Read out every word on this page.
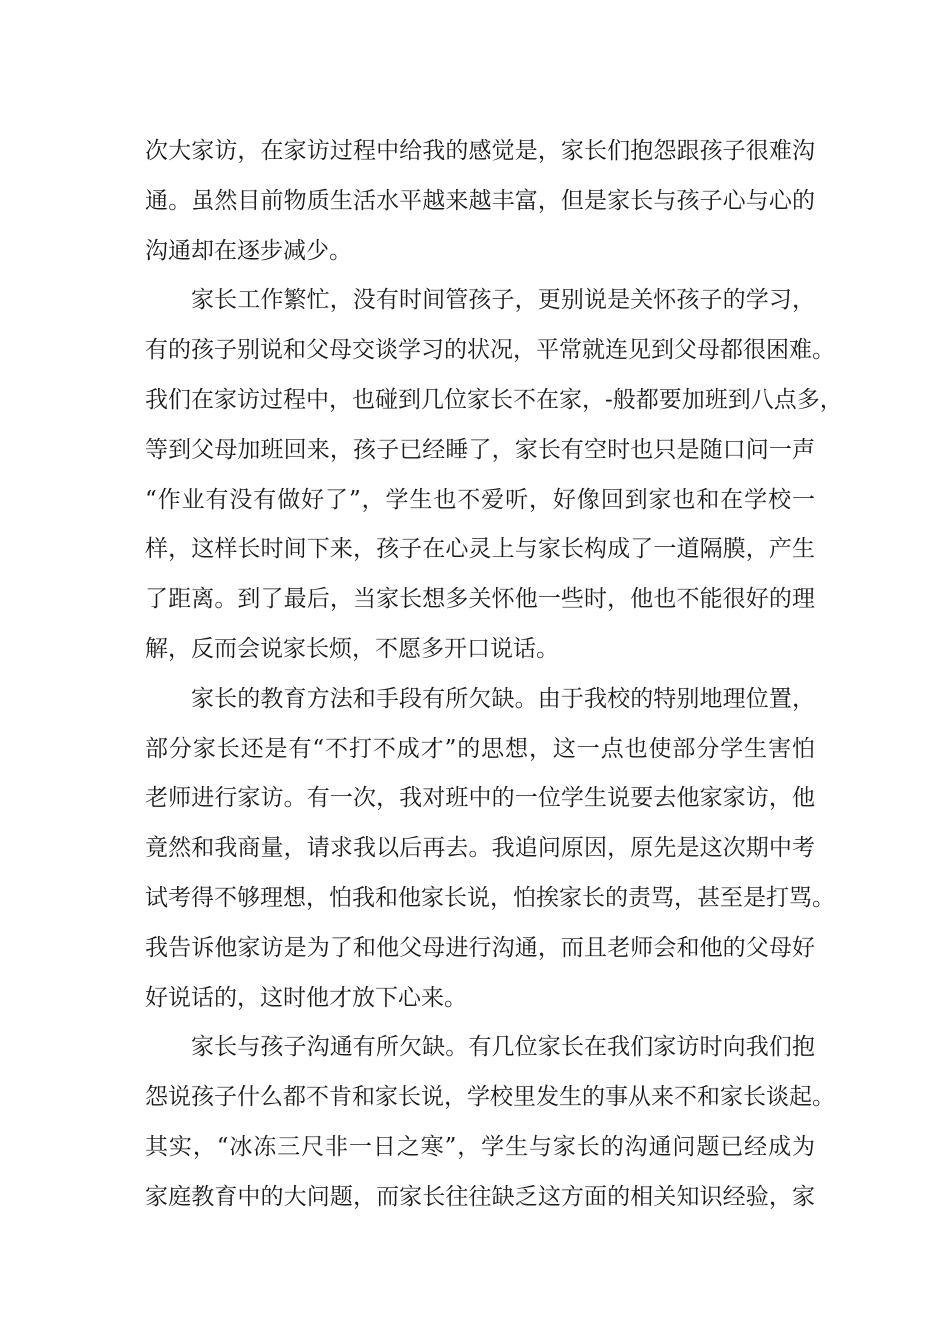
次大家访，在家访过程中给我的感觉是，家长们抱怨跟孩子很难沟
通。虽然目前物质生活水平越来越丰富，但是家长与孩子心与心的
沟通却在逐步减少。
家长工作繁忙，没有时间管孩子，更别说是关怀孩子的学习，
有的孩子别说和父母交谈学习的状况，平常就连见到父母都很困难。
我们在家访过程中，也碰到几位家长不在家，-般都要加班到八点多，
等到父母加班回来，孩子已经睡了，家长有空时也只是随口问一声
“作业有没有做好了”，学生也不爱听，好像回到家也和在学校一
样，这样长时间下来，孩子在心灵上与家长构成了一道隔膜，产生
了距离。到了最后，当家长想多关怀他一些时，他也不能很好的理
解，反而会说家长烦，不愿多开口说话。
家长的教育方法和手段有所欠缺。由于我校的特别地理位置，
部分家长还是有“不打不成才”的思想，这一点也使部分学生害怕
老师进行家访。有一次，我对班中的一位学生说要去他家家访，他
竟然和我商量，请求我以后再去。我追问原因，原先是这次期中考
试考得不够理想，怕我和他家长说，怕挨家长的责骂，甚至是打骂。
我告诉他家访是为了和他父母进行沟通，而且老师会和他的父母好
好说话的，这时他才放下心来。
家长与孩子沟通有所欠缺。有几位家长在我们家访时向我们抱
怨说孩子什么都不肯和家长说，学校里发生的事从来不和家长谈起。
其实，“冰冻三尺非一日之寒”，学生与家长的沟通问题已经成为
家庭教育中的大问题，而家长往往缺乏这方面的相关知识经验，家
